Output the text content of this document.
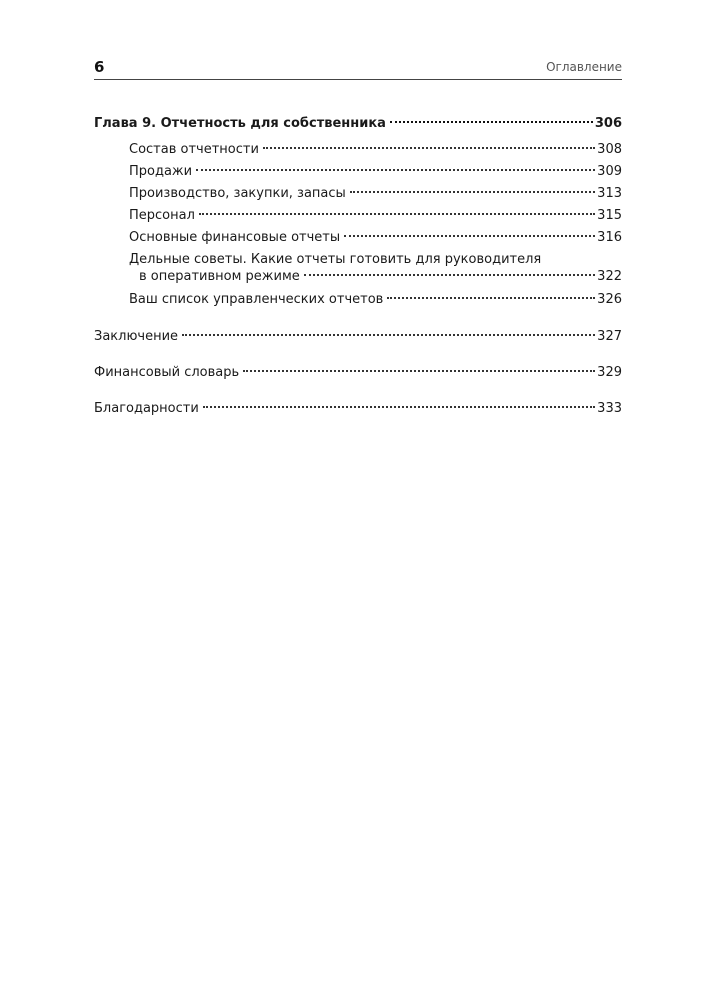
6	Оглавление
Глава 9. Отчетность для собственника	306
Состав отчетности	308
Продажи	309
Производство, закупки, запасы	313
Персонал	315
Основные финансовые отчеты	316
Дельные советы. Какие отчеты готовить для руководителя
в оперативном режиме	322
Ваш список управленческих отчетов	326
Заключение	327
Финансовый словарь	329
Благодарности	333
